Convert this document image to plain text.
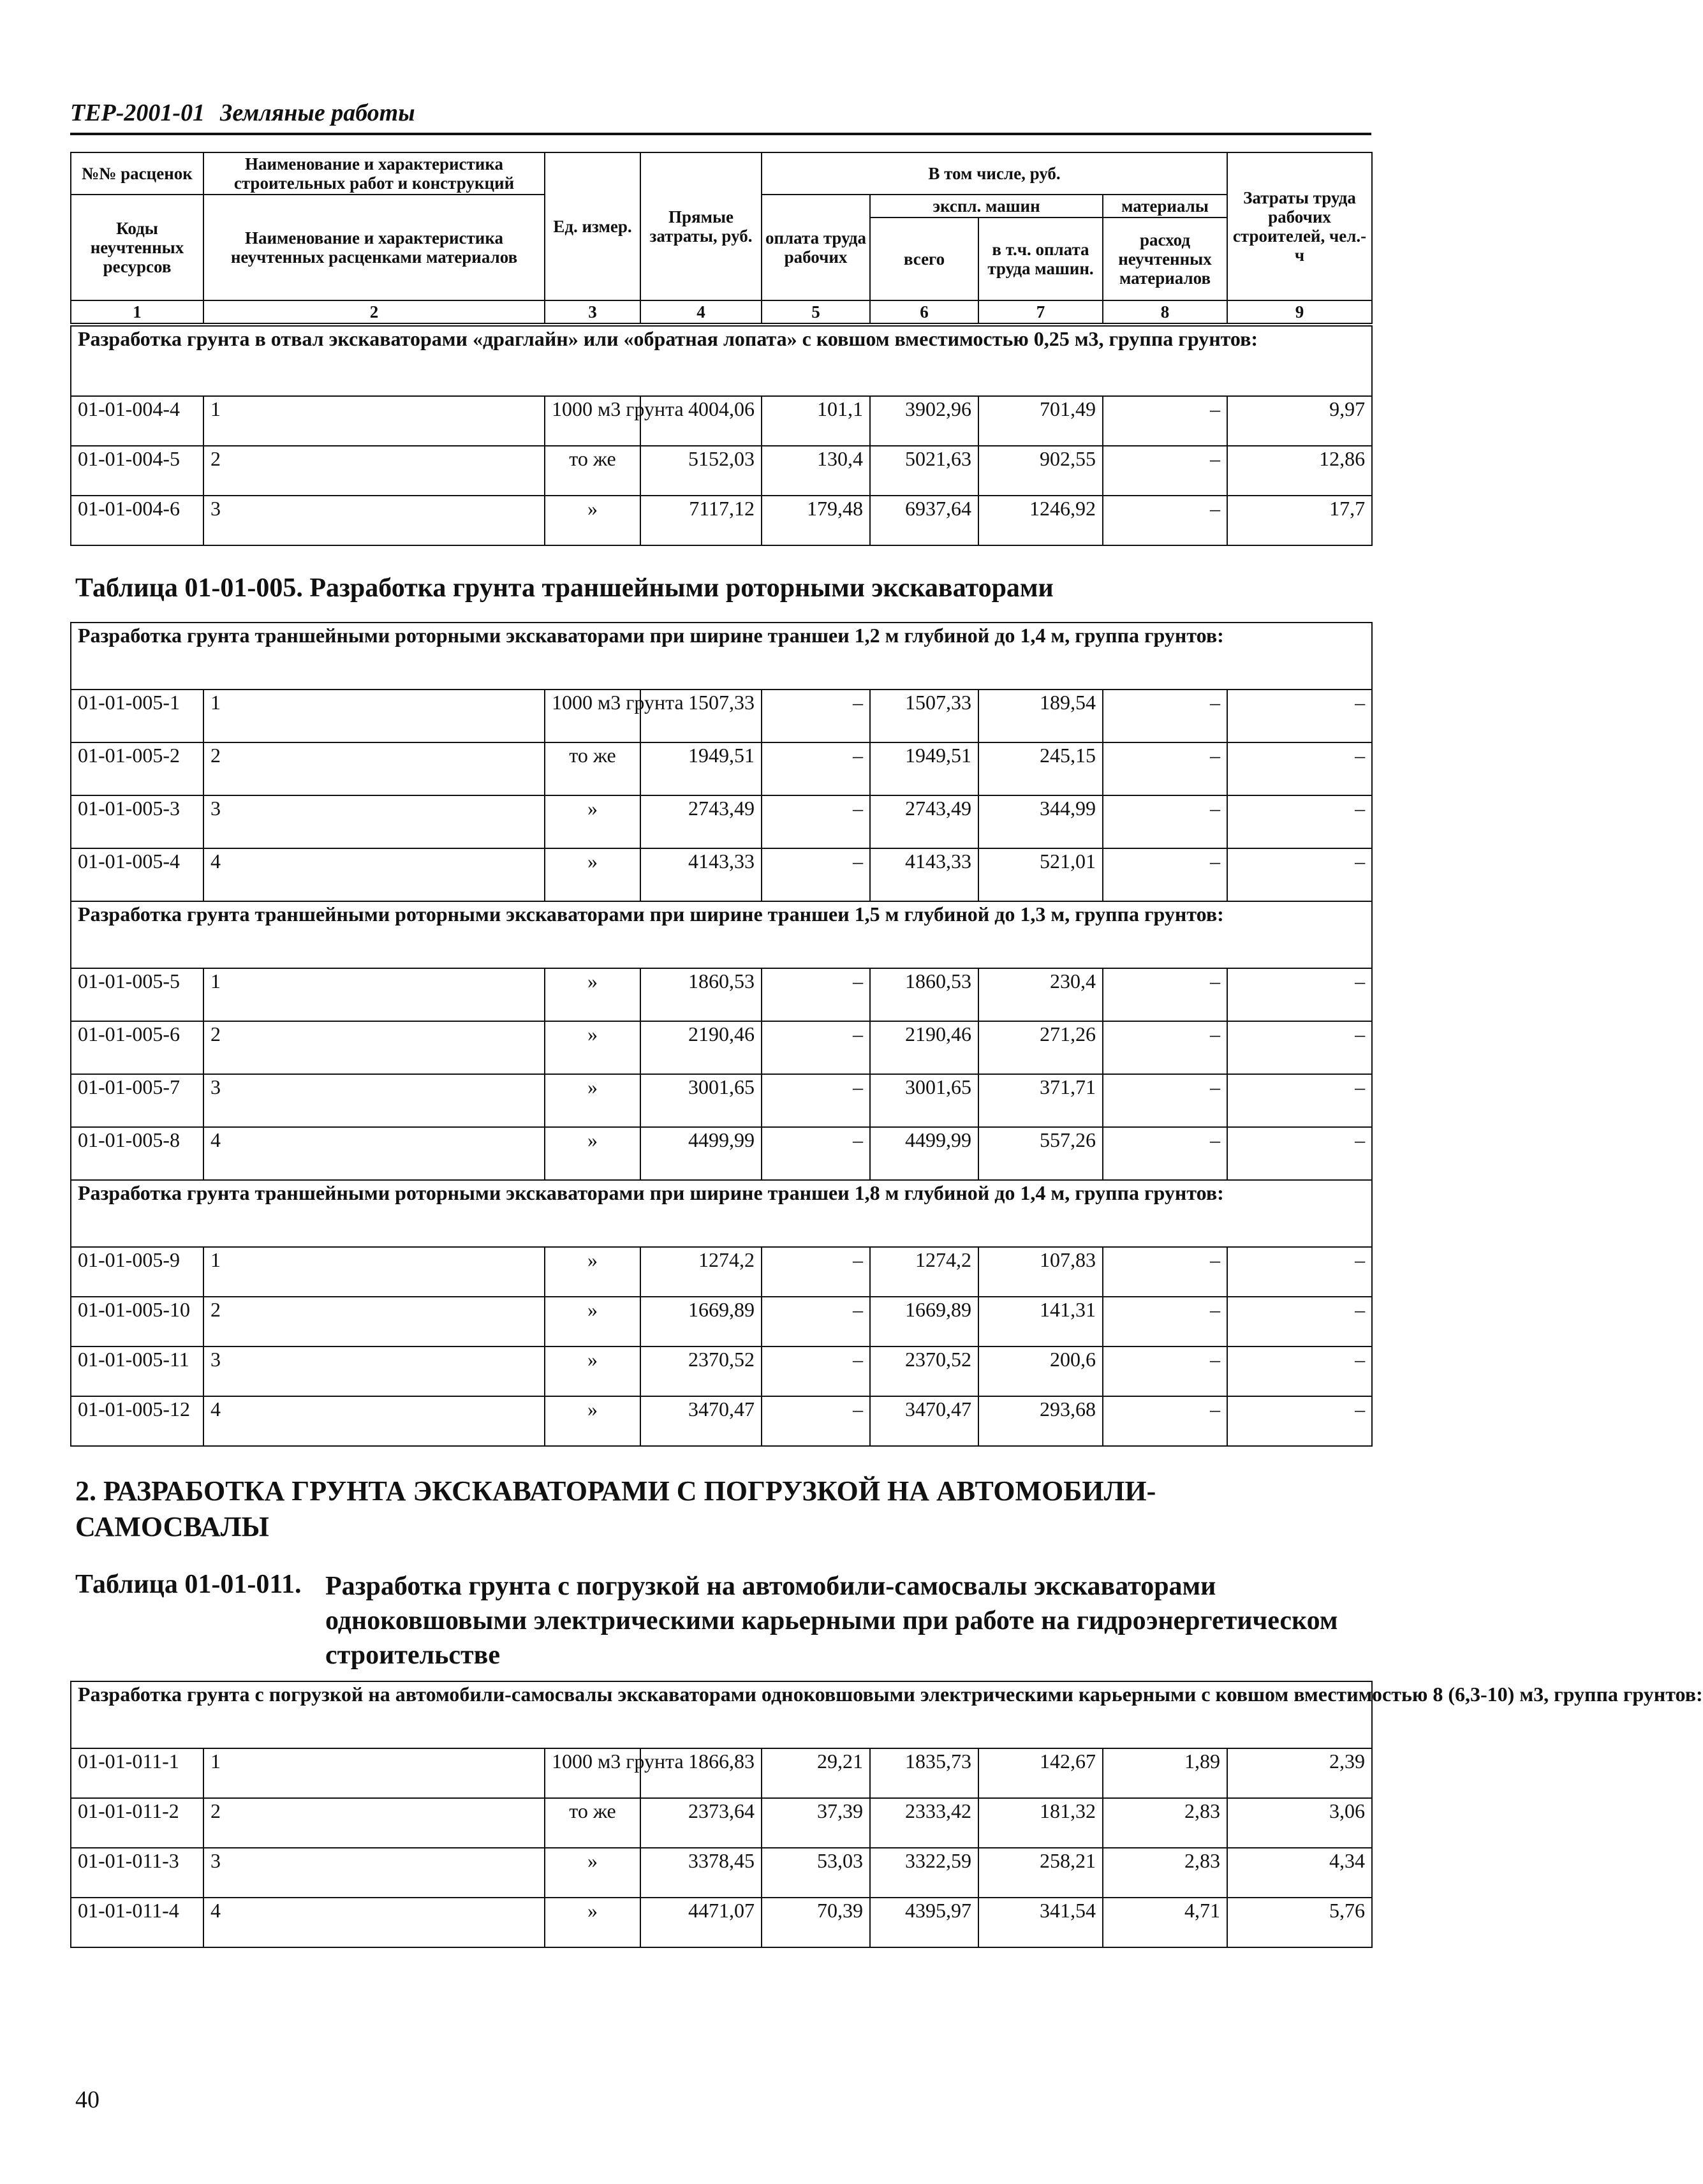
ТЕР-2001-01 Земляные работы
№№ расценок	Наименование и характеристика строительных рабοт и конструкций	Ед. измер.	Прямые затраты, руб.	В том числе, руб.				Затраты труда рабочих строителей, чел.-ч
Коды неучтенных ресурсов	Наименование и характеристика неучтенных расценками материалов			оплата труда рабочих	экспл. машин		материалы	
					всего	в т.ч. оплата труда машин.	расход неучтенных материалов	
1	2	3	4	5	6	7	8	9
Разработка грунта в отвал экскаваторами «драглайн» или «обратная лопата» с ковшом вместимостью 0,25 м3, группа грунтов:								
01-01-004-4	1	1000 м3 грунта	4004,06	101,1	3902,96	701,49	–	9,97
01-01-004-5	2	то же	5152,03	130,4	5021,63	902,55	–	12,86
01-01-004-6	3	»	7117,12	179,48	6937,64	1246,92	–	17,7
Таблица 01-01-005. Разработка грунта траншейными роторными экскаваторами
Разработка грунта траншейными роторными экскаваторами при ширине траншеи 1,2 м глубиной до 1,4 м, группа грунтов:								
01-01-005-1	1	1000 м3 грунта	1507,33	–	1507,33	189,54	–	–
01-01-005-2	2	то же	1949,51	–	1949,51	245,15	–	–
01-01-005-3	3	»	2743,49	–	2743,49	344,99	–	–
01-01-005-4	4	»	4143,33	–	4143,33	521,01	–	–
Разработка грунта траншейными роторными экскаваторами при ширине траншеи 1,5 м глубиной до 1,3 м, группа грунтов:								
01-01-005-5	1	»	1860,53	–	1860,53	230,4	–	–
01-01-005-6	2	»	2190,46	–	2190,46	271,26	–	–
01-01-005-7	3	»	3001,65	–	3001,65	371,71	–	–
01-01-005-8	4	»	4499,99	–	4499,99	557,26	–	–
Разработка грунта траншейными роторными экскаваторами при ширине траншеи 1,8 м глубиной до 1,4 м, группа грунтов:								
01-01-005-9	1	»	1274,2	–	1274,2	107,83	–	–
01-01-005-10	2	»	1669,89	–	1669,89	141,31	–	–
01-01-005-11	3	»	2370,52	–	2370,52	200,6	–	–
01-01-005-12	4	»	3470,47	–	3470,47	293,68	–	–
2. РАЗРАБОТКА ГРУНТА ЭКСКАВАТОРАМИ С ПОГРУЗКОЙ НА АВТОМОБИЛИ-САМОСВАЛЫ
Таблица 01-01-011. Разработка грунта с погрузкой на автомобили-самосвалы экскаваторами одноковшовыми электрическими карьерными при работе на гидроэнергетическом строительстве
Разработка грунта с погрузкой на автомобили-самосвалы экскаваторами одноковшовыми электрическими карьерными с ковшом вместимостью 8 (6,3-10) м3, группа грунтов:								
01-01-011-1	1	1000 м3 грунта	1866,83	29,21	1835,73	142,67	1,89	2,39
01-01-011-2	2	то же	2373,64	37,39	2333,42	181,32	2,83	3,06
01-01-011-3	3	»	3378,45	53,03	3322,59	258,21	2,83	4,34
01-01-011-4	4	»	4471,07	70,39	4395,97	341,54	4,71	5,76
40
